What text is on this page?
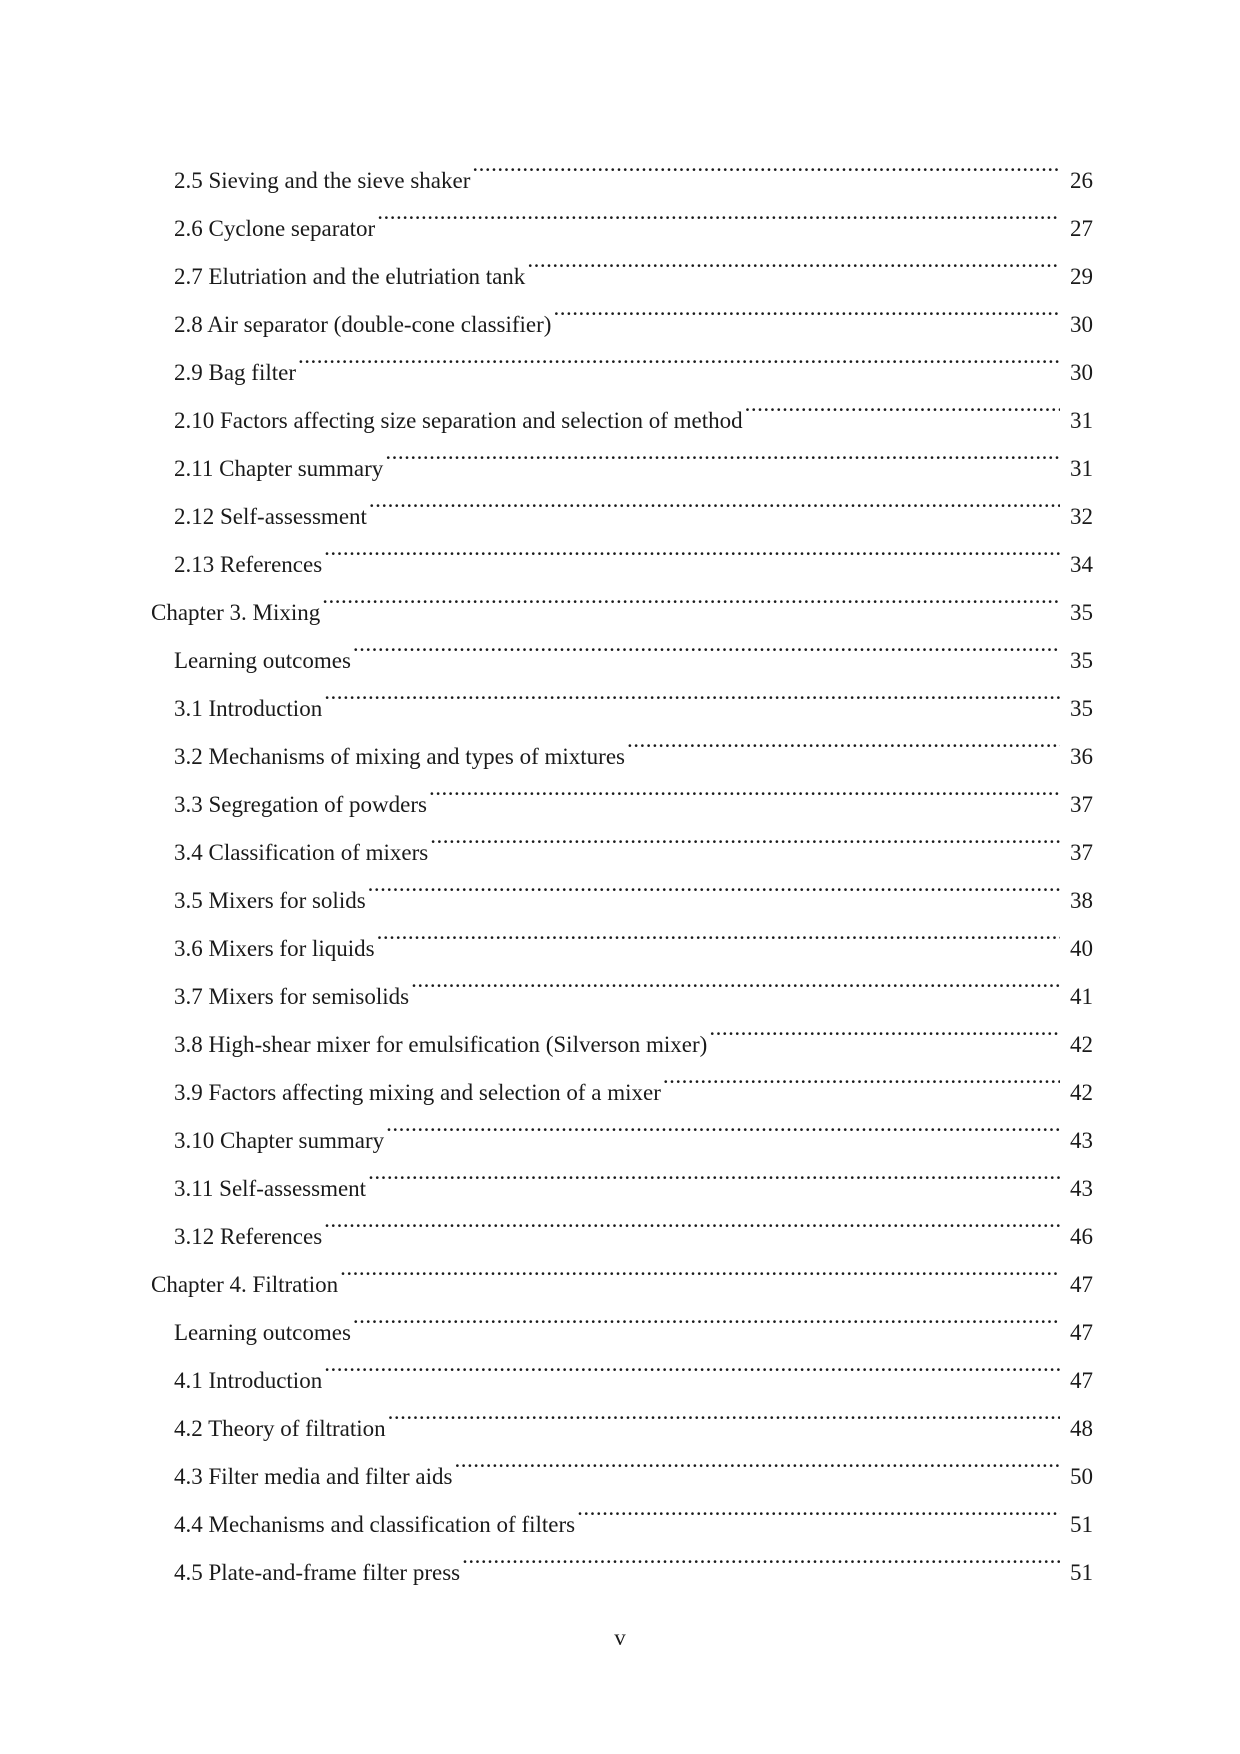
2.5 Sieving and the sieve shaker .....	26
2.6 Cyclone separator .....	27
2.7 Elutriation and the elutriation tank .....	29
2.8 Air separator (double-cone classifier) .....	30
2.9 Bag filter .....	30
2.10 Factors affecting size separation and selection of method .....	31
2.11 Chapter summary .....	31
2.12 Self-assessment .....	32
2.13 References .....	34
Chapter 3. Mixing .....	35
Learning outcomes .....	35
3.1 Introduction .....	35
3.2 Mechanisms of mixing and types of mixtures .....	36
3.3 Segregation of powders .....	37
3.4 Classification of mixers .....	37
3.5 Mixers for solids .....	38
3.6 Mixers for liquids .....	40
3.7 Mixers for semisolids .....	41
3.8 High-shear mixer for emulsification (Silverson mixer) .....	42
3.9 Factors affecting mixing and selection of a mixer .....	42
3.10 Chapter summary .....	43
3.11 Self-assessment .....	43
3.12 References .....	46
Chapter 4. Filtration .....	47
Learning outcomes .....	47
4.1 Introduction .....	47
4.2 Theory of filtration .....	48
4.3 Filter media and filter aids .....	50
4.4 Mechanisms and classification of filters .....	51
4.5 Plate-and-frame filter press .....	51
v
